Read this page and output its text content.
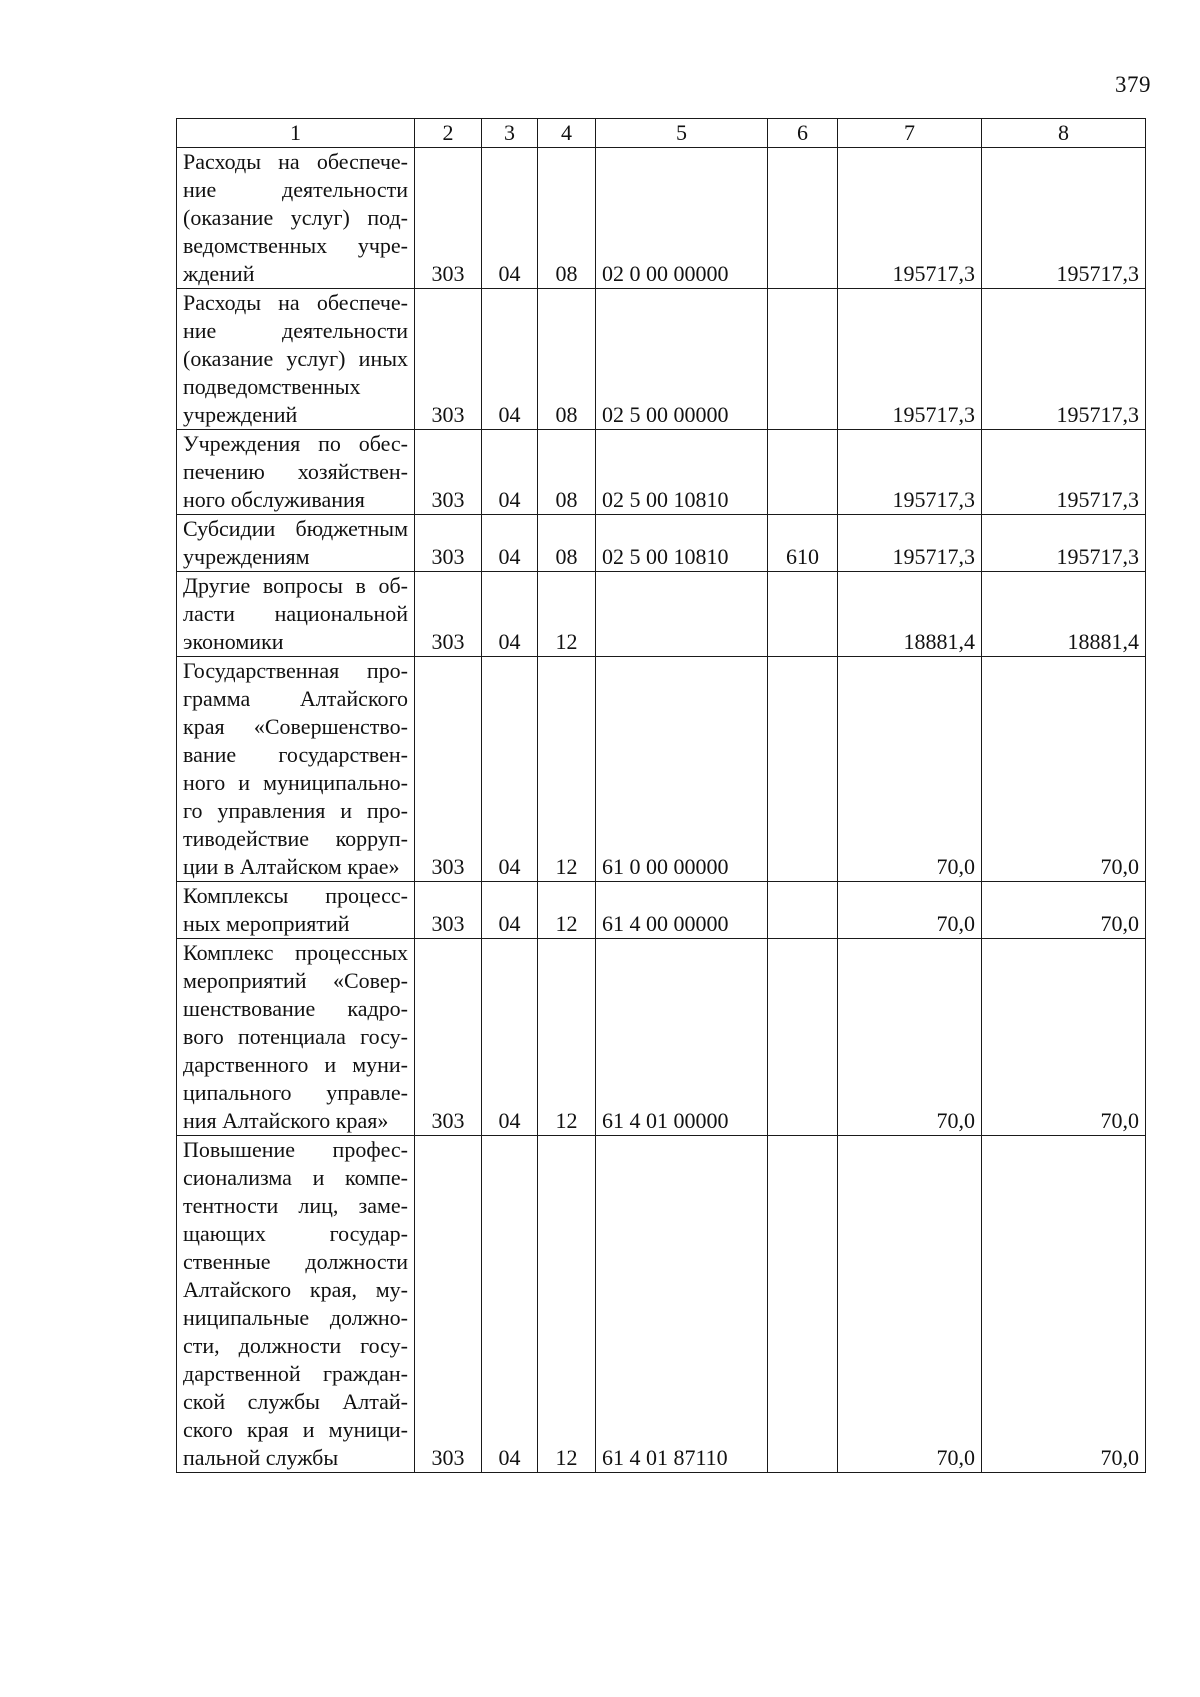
379
1	2	3	4	5	6	7	8
Расходы на обеспече-ние деятельности (оказание услуг) под-ведомственных учре-ждений	303	04	08	02 0 00 00000		195717,3	195717,3
Расходы на обеспече-ние деятельности (оказание услуг) иных подведомственных учреждений	303	04	08	02 5 00 00000		195717,3	195717,3
Учреждения по обес-печению хозяйствен-ного обслуживания	303	04	08	02 5 00 10810		195717,3	195717,3
Субсидии бюджетным учреждениям	303	04	08	02 5 00 10810	610	195717,3	195717,3
Другие вопросы в об-ласти национальной экономики	303	04	12			18881,4	18881,4
Государственная про-грамма Алтайского края «Совершенство-вание государствен-ного и муниципально-го управления и про-тиводействие корруп-ции в Алтайском крае»	303	04	12	61 0 00 00000		70,0	70,0
Комплексы процесс-ных мероприятий	303	04	12	61 4 00 00000		70,0	70,0
Комплекс процессных мероприятий «Совер-шенствование кадро-вого потенциала госу-дарственного и муни-ципального управле-ния Алтайского края»	303	04	12	61 4 01 00000		70,0	70,0
Повышение профес-сионализма и компе-тентности лиц, заме-щающих государ-ственные должности Алтайского края, му-ниципальные должно-сти, должности госу-дарственной граждан-ской службы Алтай-ского края и муници-пальной службы	303	04	12	61 4 01 87110		70,0	70,0
